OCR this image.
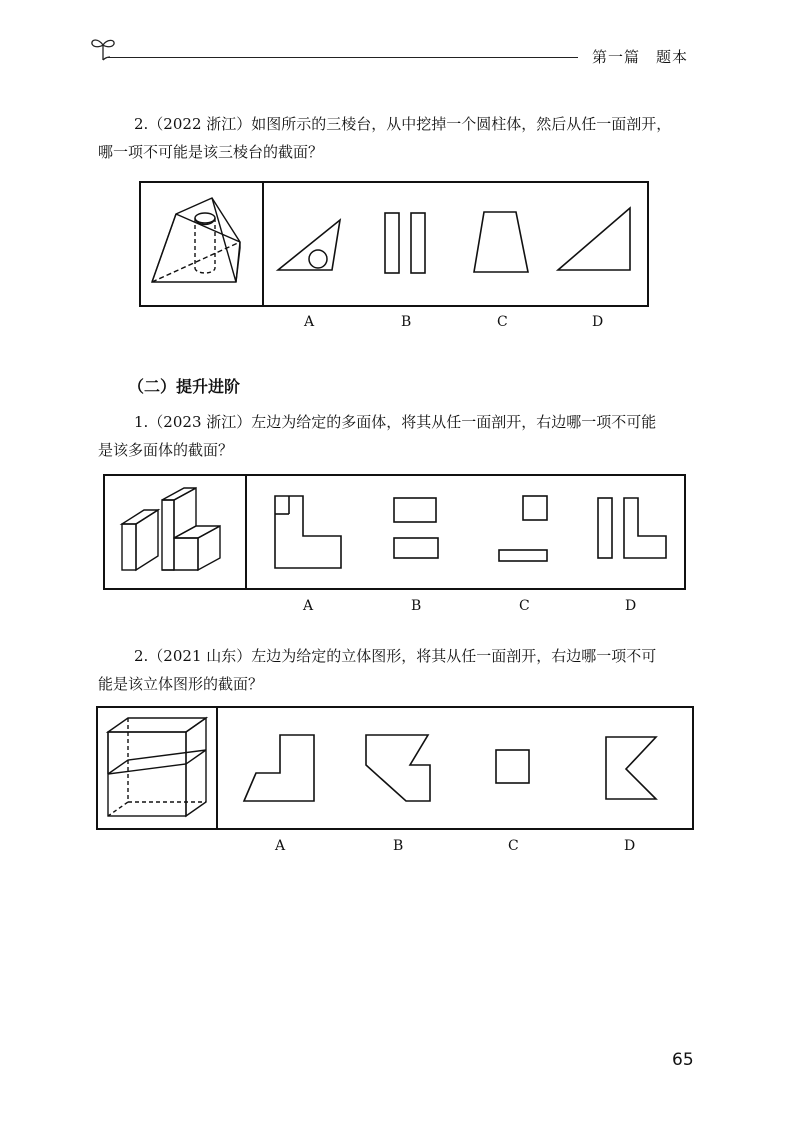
第一篇　题本
2.（2022 浙江）如图所示的三棱台，从中挖掉一个圆柱体，然后从任一面剖开，
哪一项不可能是该三棱台的截面？
A	B	C	D
（二）提升进阶
1.（2023 浙江）左边为给定的多面体，将其从任一面剖开，右边哪一项不可能
是该多面体的截面？
A	B	C	D
2.（2021 山东）左边为给定的立体图形，将其从任一面剖开，右边哪一项不可
能是该立体图形的截面？
A	B	C	D
65
